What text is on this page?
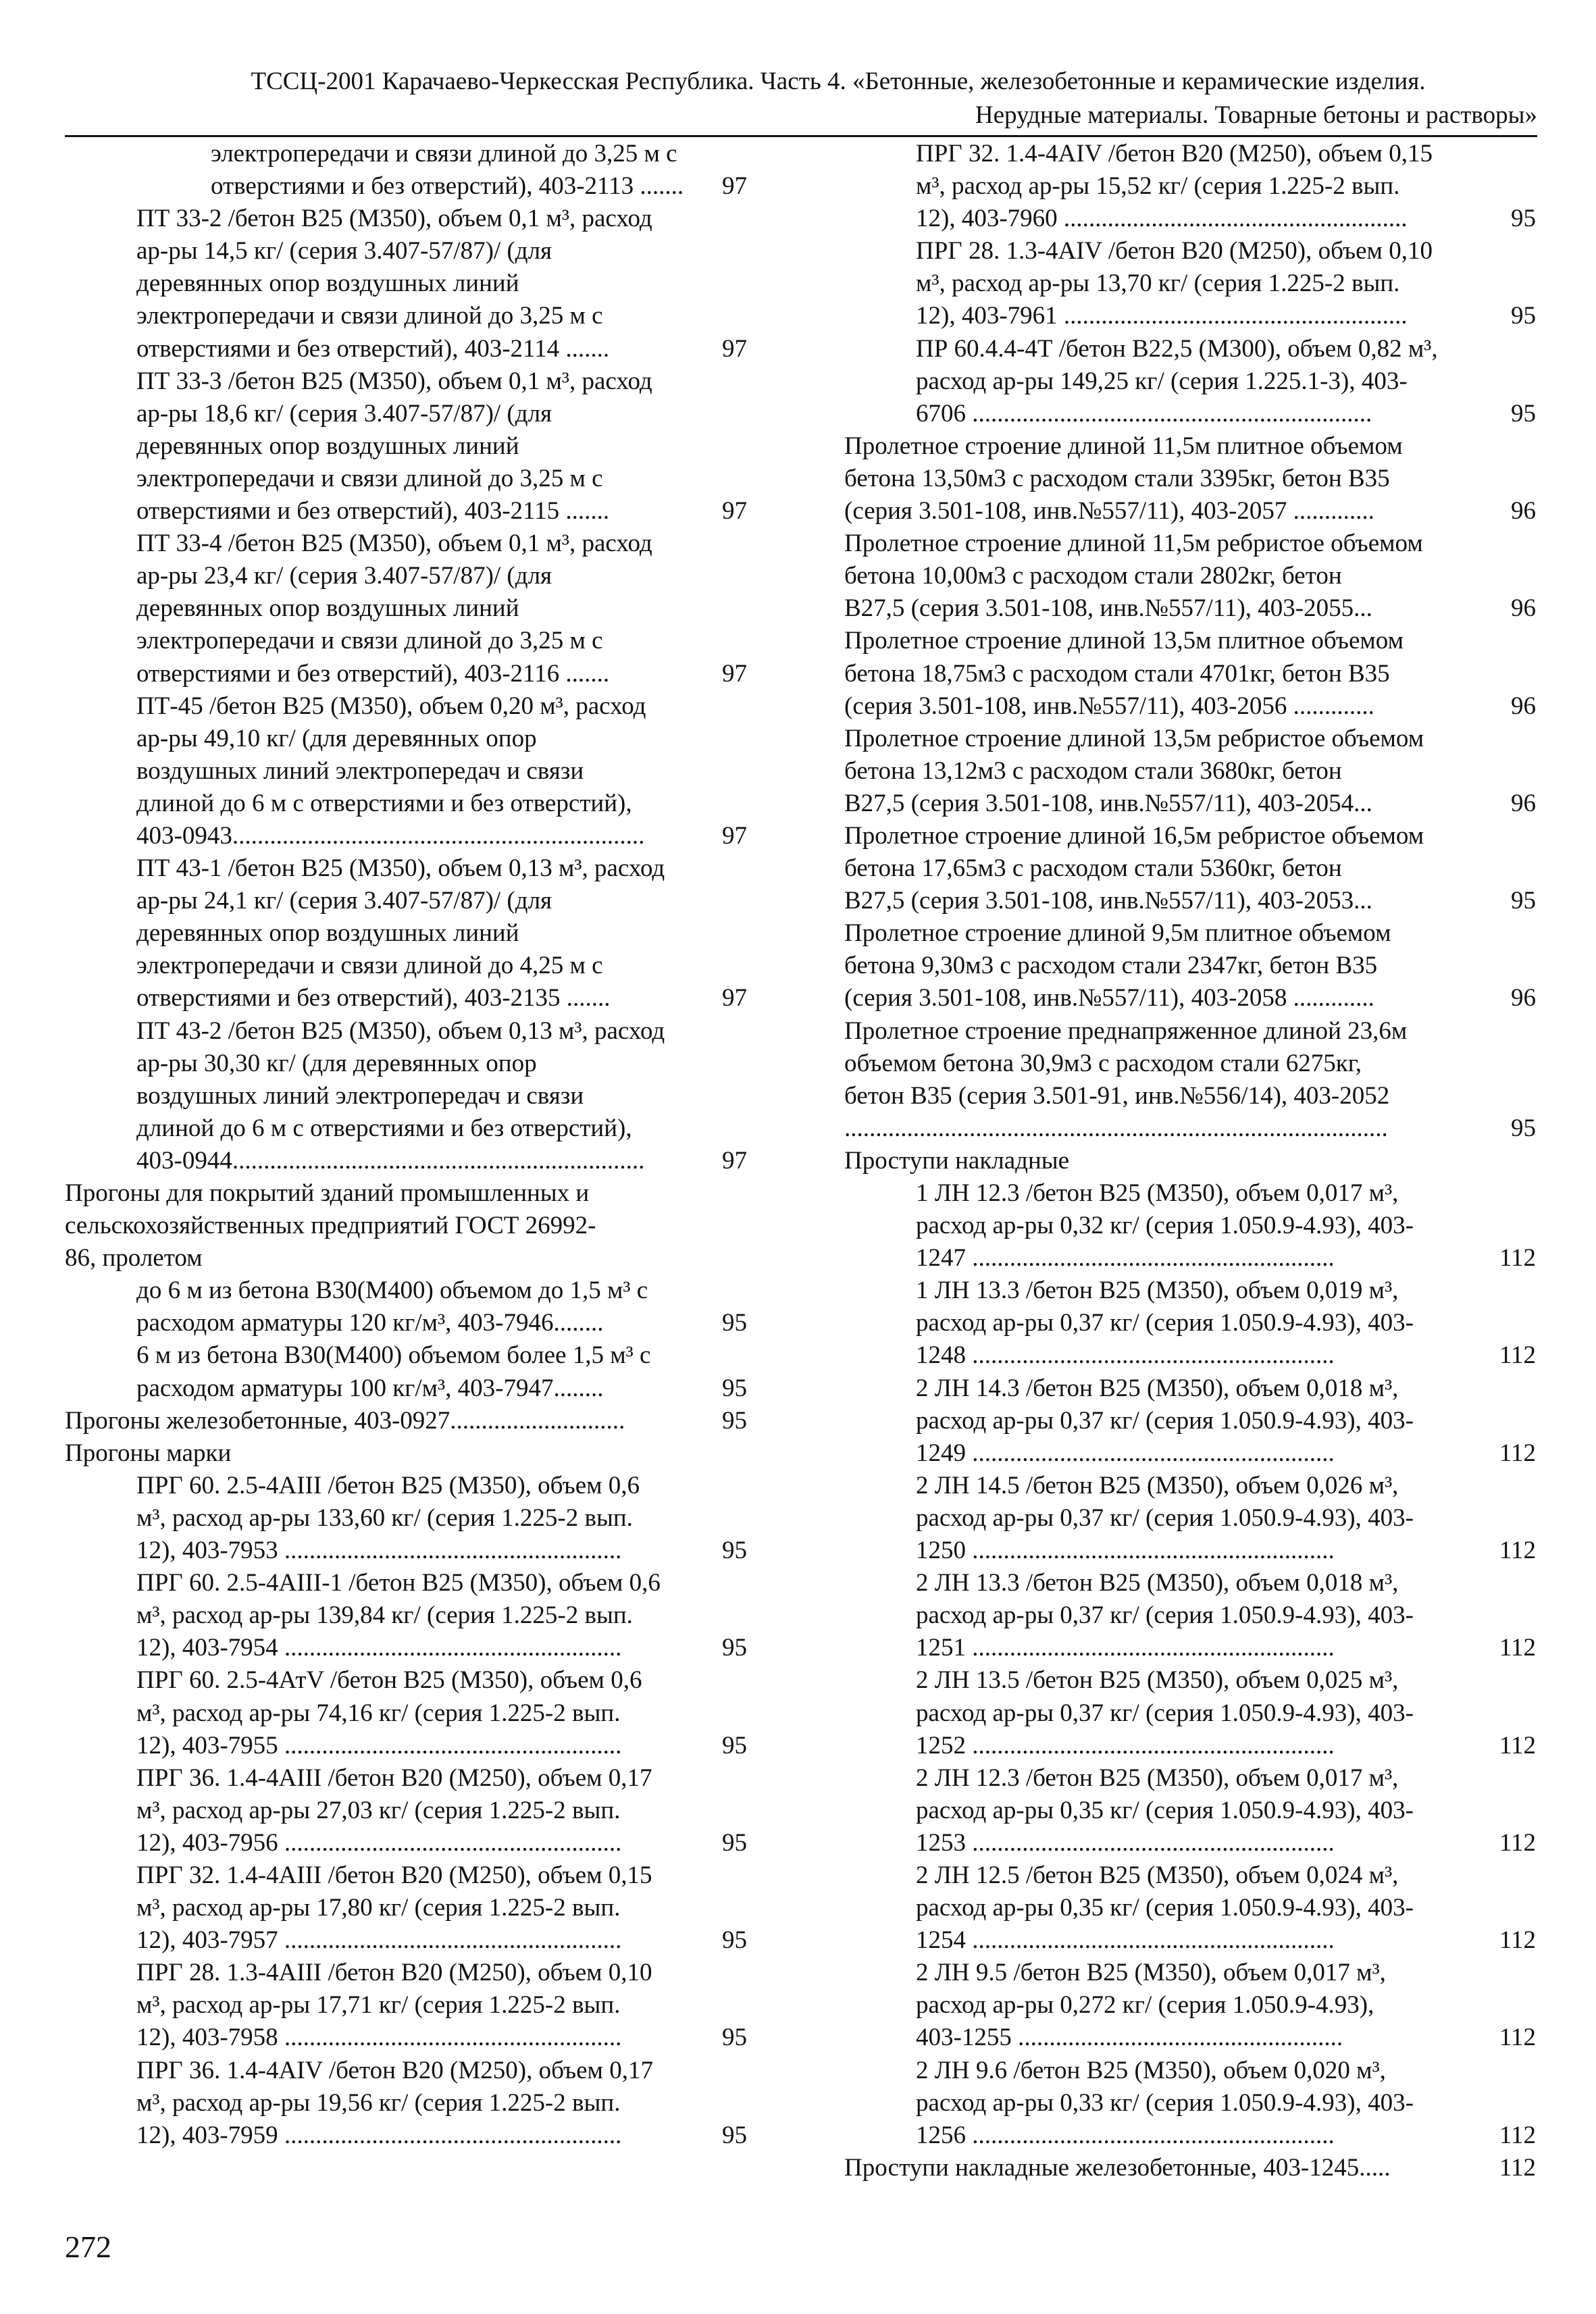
ТССЦ-2001 Карачаево-Черкесская Республика. Часть 4. «Бетонные, железобетонные и керамические изделия.
Нерудные материалы. Товарные бетоны и растворы»
электропередачи и связи длиной до 3,25 м с
отверстиями и без отверстий), 403-2113 .......	97
ПТ 33-2 /бетон В25 (М350), объем 0,1 м³, расход
ар-ры 14,5 кг/ (серия 3.407-57/87)/ (для
деревянных опор воздушных линий
электропередачи и связи длиной до 3,25 м с
отверстиями и без отверстий), 403-2114 .......	97
ПТ 33-3 /бетон В25 (М350), объем 0,1 м³, расход
ар-ры 18,6 кг/ (серия 3.407-57/87)/ (для
деревянных опор воздушных линий
электропередачи и связи длиной до 3,25 м с
отверстиями и без отверстий), 403-2115 .......	97
ПТ 33-4 /бетон В25 (М350), объем 0,1 м³, расход
ар-ры 23,4 кг/ (серия 3.407-57/87)/ (для
деревянных опор воздушных линий
электропередачи и связи длиной до 3,25 м с
отверстиями и без отверстий), 403-2116 .......	97
ПТ-45 /бетон В25 (М350), объем 0,20 м³, расход
ар-ры 49,10 кг/ (для деревянных опор
воздушных линий электропередач и связи
длиной до 6 м с отверстиями и без отверстий),
403-0943..................................................................	97
ПТ 43-1 /бетон В25 (М350), объем 0,13 м³, расход
ар-ры 24,1 кг/ (серия 3.407-57/87)/ (для
деревянных опор воздушных линий
электропередачи и связи длиной до 4,25 м с
отверстиями и без отверстий), 403-2135 .......	97
ПТ 43-2 /бетон В25 (М350), объем 0,13 м³, расход
ар-ры 30,30 кг/ (для деревянных опор
воздушных линий электропередач и связи
длиной до 6 м с отверстиями и без отверстий),
403-0944..................................................................	97
Прогоны для покрытий зданий промышленных и
сельскохозяйственных предприятий ГОСТ 26992-
86, пролетом
до 6 м из бетона В30(М400) объемом до 1,5 м³ с
расходом арматуры 120 кг/м³, 403-7946........	95
6 м из бетона В30(М400) объемом более 1,5 м³ с
расходом арматуры 100 кг/м³, 403-7947........	95
Прогоны железобетонные, 403-0927............................	95
Прогоны марки
ПРГ 60. 2.5-4АIII /бетон В25 (М350), объем 0,6
м³, расход ар-ры 133,60 кг/ (серия 1.225-2 вып.
12), 403-7953 ......................................................	95
ПРГ 60. 2.5-4АIII-1 /бетон В25 (М350), объем 0,6
м³, расход ар-ры 139,84 кг/ (серия 1.225-2 вып.
12), 403-7954 ......................................................	95
ПРГ 60. 2.5-4АтV /бетон В25 (М350), объем 0,6
м³, расход ар-ры 74,16 кг/ (серия 1.225-2 вып.
12), 403-7955 ......................................................	95
ПРГ 36. 1.4-4АIII /бетон В20 (М250), объем 0,17
м³, расход ар-ры 27,03 кг/ (серия 1.225-2 вып.
12), 403-7956 ......................................................	95
ПРГ 32. 1.4-4АIII /бетон В20 (М250), объем 0,15
м³, расход ар-ры 17,80 кг/ (серия 1.225-2 вып.
12), 403-7957 ......................................................	95
ПРГ 28. 1.3-4АIII /бетон В20 (М250), объем 0,10
м³, расход ар-ры 17,71 кг/ (серия 1.225-2 вып.
12), 403-7958 ......................................................	95
ПРГ 36. 1.4-4АIV /бетон В20 (М250), объем 0,17
м³, расход ар-ры 19,56 кг/ (серия 1.225-2 вып.
12), 403-7959 ......................................................	95
ПРГ 32. 1.4-4АIV /бетон В20 (М250), объем 0,15
м³, расход ар-ры 15,52 кг/ (серия 1.225-2 вып.
12), 403-7960 .......................................................	95
ПРГ 28. 1.3-4АIV /бетон В20 (М250), объем 0,10
м³, расход ар-ры 13,70 кг/ (серия 1.225-2 вып.
12), 403-7961 .......................................................	95
ПР 60.4.4-4Т /бетон В22,5 (М300), объем 0,82 м³,
расход ар-ры 149,25 кг/ (серия 1.225.1-3), 403-
6706 ................................................................	95
Пролетное строение длиной 11,5м плитное объемом
бетона 13,50м3 с расходом стали 3395кг, бетон В35
(серия 3.501-108, инв.№557/11), 403-2057 .............	96
Пролетное строение длиной 11,5м ребристое объемом
бетона 10,00м3 с расходом стали 2802кг, бетон
В27,5 (серия 3.501-108, инв.№557/11), 403-2055...	96
Пролетное строение длиной 13,5м плитное объемом
бетона 18,75м3 с расходом стали 4701кг, бетон В35
(серия 3.501-108, инв.№557/11), 403-2056 .............	96
Пролетное строение длиной 13,5м ребристое объемом
бетона 13,12м3 с расходом стали 3680кг, бетон
В27,5 (серия 3.501-108, инв.№557/11), 403-2054...	96
Пролетное строение длиной 16,5м ребристое объемом
бетона 17,65м3 с расходом стали 5360кг, бетон
В27,5 (серия 3.501-108, инв.№557/11), 403-2053...	95
Пролетное строение длиной 9,5м плитное объемом
бетона 9,30м3 с расходом стали 2347кг, бетон В35
(серия 3.501-108, инв.№557/11), 403-2058 .............	96
Пролетное строение преднапряженное длиной 23,6м
объемом бетона 30,9м3 с расходом стали 6275кг,
бетон В35 (серия 3.501-91, инв.№556/14), 403-2052
.......................................................................................	95
Проступи накладные
1 ЛН 12.3 /бетон В25 (М350), объем 0,017 м³,
расход ар-ры 0,32 кг/ (серия 1.050.9-4.93), 403-
1247 ..........................................................	112
1 ЛН 13.3 /бетон В25 (М350), объем 0,019 м³,
расход ар-ры 0,37 кг/ (серия 1.050.9-4.93), 403-
1248 ..........................................................	112
2 ЛН 14.3 /бетон В25 (М350), объем 0,018 м³,
расход ар-ры 0,37 кг/ (серия 1.050.9-4.93), 403-
1249 ..........................................................	112
2 ЛН 14.5 /бетон В25 (М350), объем 0,026 м³,
расход ар-ры 0,37 кг/ (серия 1.050.9-4.93), 403-
1250 ..........................................................	112
2 ЛН 13.3 /бетон В25 (М350), объем 0,018 м³,
расход ар-ры 0,37 кг/ (серия 1.050.9-4.93), 403-
1251 ..........................................................	112
2 ЛН 13.5 /бетон В25 (М350), объем 0,025 м³,
расход ар-ры 0,37 кг/ (серия 1.050.9-4.93), 403-
1252 ..........................................................	112
2 ЛН 12.3 /бетон В25 (М350), объем 0,017 м³,
расход ар-ры 0,35 кг/ (серия 1.050.9-4.93), 403-
1253 ..........................................................	112
2 ЛН 12.5 /бетон В25 (М350), объем 0,024 м³,
расход ар-ры 0,35 кг/ (серия 1.050.9-4.93), 403-
1254 ..........................................................	112
2 ЛН 9.5 /бетон В25 (М350), объем 0,017 м³,
расход ар-ры 0,272 кг/ (серия 1.050.9-4.93),
403-1255 ....................................................	112
2 ЛН 9.6 /бетон В25 (М350), объем 0,020 м³,
расход ар-ры 0,33 кг/ (серия 1.050.9-4.93), 403-
1256 ..........................................................	112
Проступи накладные железобетонные, 403-1245.....	112
272
